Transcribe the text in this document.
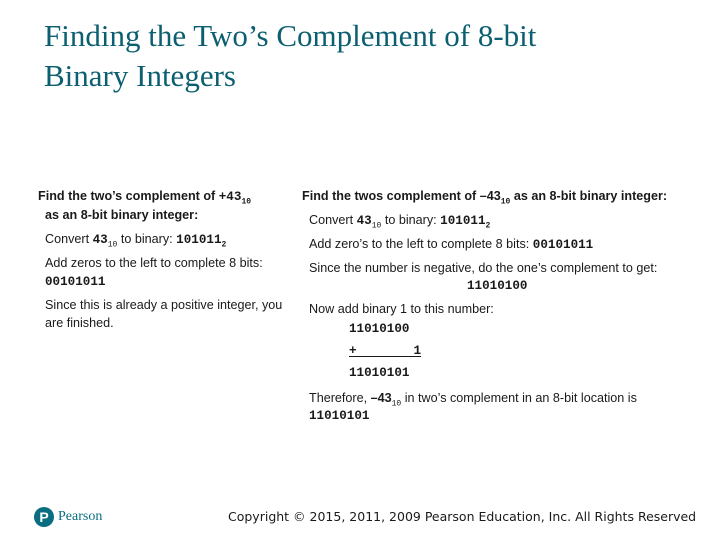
Finding the Two’s Complement of 8-bit
Binary Integers

Find the two’s complement of $+43_{10}$

as an 8-bit binary integer:

Convert $43_{10}$ to binary: $101011_2$

Add zeros to the left to complete 8 bits: 00101011

Since this is already a positive integer, you are finished.

Find the twos complement of $-43_{10}$ as an 8-bit binary integer:

Convert $43_{10}$ to binary: $101011_2$

Add zero’s to the left to complete 8 bits: 00101011

Since the number is negative, do the one’s complement to get:

11010100

Now add binary 1 to this number:

11010100
+	1
11010101

Therefore, $-43_{10}$ in two’s complement in an 8-bit location is

11010101

P Pearson	Copyright © 2015, 2011, 2009 Pearson Education, Inc. All Rights Reserved
